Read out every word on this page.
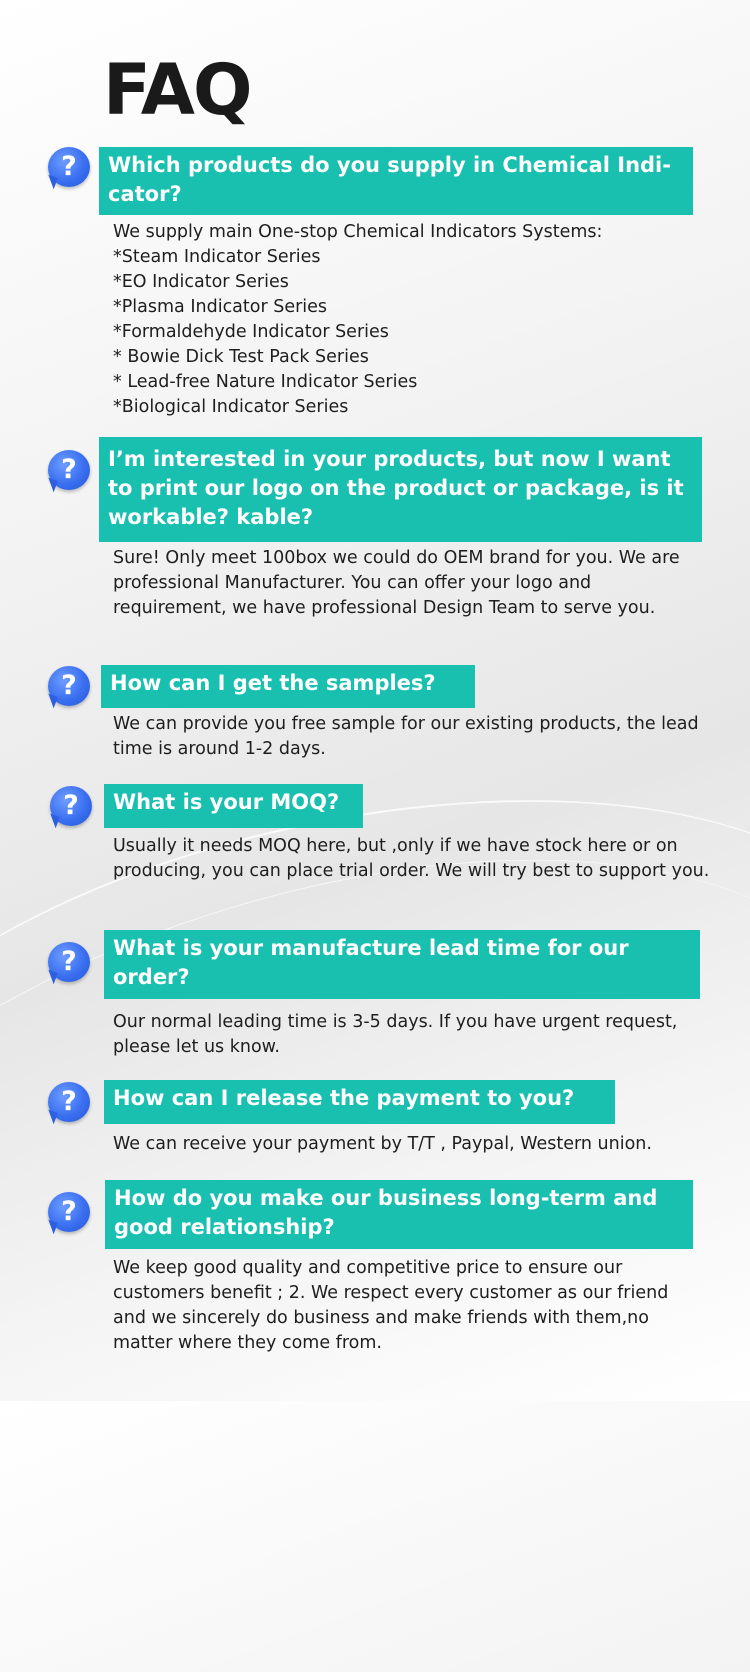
FAQ
?	Which products do you supply in Chemical Indi-
cator?

We supply main One-stop Chemical Indicators Systems:
*Steam Indicator Series
*EO Indicator Series
*Plasma Indicator Series
*Formaldehyde Indicator Series
* Bowie Dick Test Pack Series
* Lead-free Nature Indicator Series
*Biological Indicator Series

?	I’m interested in your products, but now I want to print our logo on the product or package, is it workable? kable?

Sure! Only meet 100box we could do OEM brand for you. We are professional Manufacturer. You can offer your logo and requirement, we have professional Design Team to serve you.

?	How can I get the samples?

We can provide you free sample for our existing products, the lead time is around 1-2 days.

?	What is your MOQ?

Usually it needs MOQ here, but ,only if we have stock here or on producing, you can place trial order. We will try best to support you.

?	What is your manufacture lead time for our order?

Our normal leading time is 3-5 days. If you have urgent request, please let us know.

?	How can I release the payment to you?

We can receive your payment by T/T , Paypal, Western union.

?	How do you make our business long-term and good relationship?

We keep good quality and competitive price to ensure our customers benefit ; 2. We respect every customer as our friend and we sincerely do business and make friends with them,no matter where they come from.
